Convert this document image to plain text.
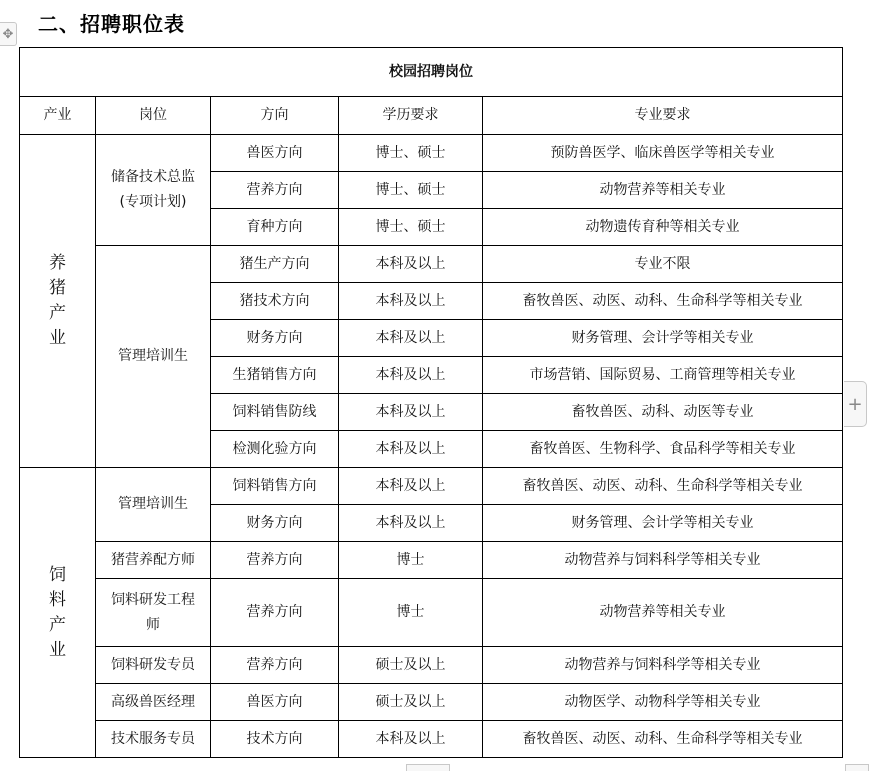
二、招聘职位表
✥
校园招聘岗位				
产业	岗位	方向	学历要求	专业要求

养
猪
产
业	储备技术总监(专项计划)	兽医方向	博士、硕士	预防兽医学、临床兽医学等相关专业
		营养方向	博士、硕士	动物营养等相关专业
		育种方向	博士、硕士	动物遗传育种等相关专业
	管理培训生	猪生产方向	本科及以上	专业不限
		猪技术方向	本科及以上	畜牧兽医、动医、动科、生命科学等相关专业
		财务方向	本科及以上	财务管理、会计学等相关专业
		生猪销售方向	本科及以上	市场营销、国际贸易、工商管理等相关专业
		饲料销售防线	本科及以上	畜牧兽医、动科、动医等专业
		检测化验方向	本科及以上	畜牧兽医、生物科学、食品科学等相关专业

饲
料
产
业	管理培训生	饲料销售方向	本科及以上	畜牧兽医、动医、动科、生命科学等相关专业
		财务方向	本科及以上	财务管理、会计学等相关专业
	猪营养配方师	营养方向	博士	动物营养与饲料科学等相关专业
	饲料研发工程师	营养方向	博士	动物营养等相关专业
	饲料研发专员	营养方向	硕士及以上	动物营养与饲料科学等相关专业
	高级兽医经理	兽医方向	硕士及以上	动物医学、动物科学等相关专业
	技术服务专员	技术方向	本科及以上	畜牧兽医、动医、动科、生命科学等相关专业
+
